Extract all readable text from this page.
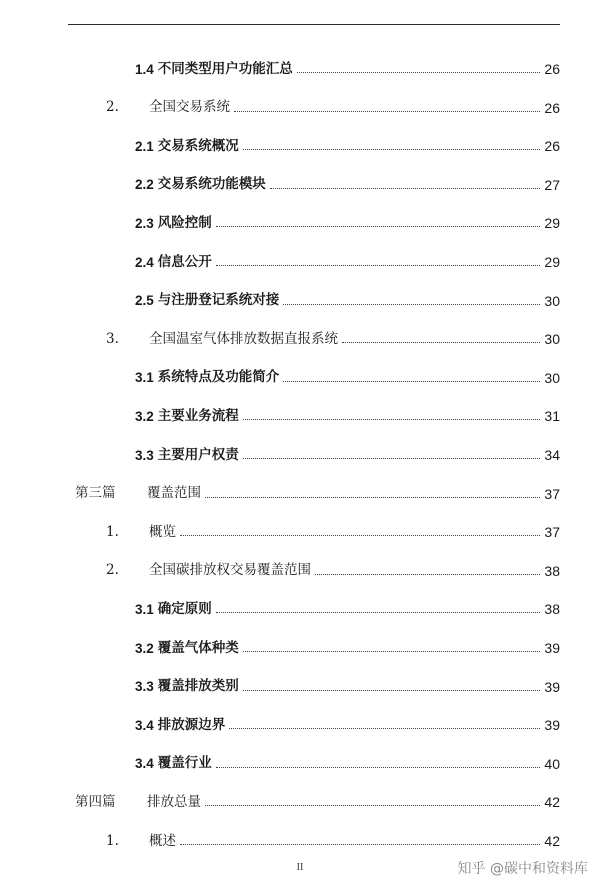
1.4 不同类型用户功能汇总	26
2.	全国交易系统	26
2.1 交易系统概况	26
2.2 交易系统功能模块	27
2.3 风险控制	29
2.4 信息公开	29
2.5 与注册登记系统对接	30
3.	全国温室气体排放数据直报系统	30
3.1 系统特点及功能简介	30
3.2 主要业务流程	31
3.3 主要用户权责	34
第三篇	覆盖范围	37
1.	概览	37
2.	全国碳排放权交易覆盖范围	38
3.1 确定原则	38
3.2 覆盖气体种类	39
3.3 覆盖排放类别	39
3.4 排放源边界	39
3.4 覆盖行业	40
第四篇	排放总量	42
1.	概述	42
II	知乎 @碳中和资料库
